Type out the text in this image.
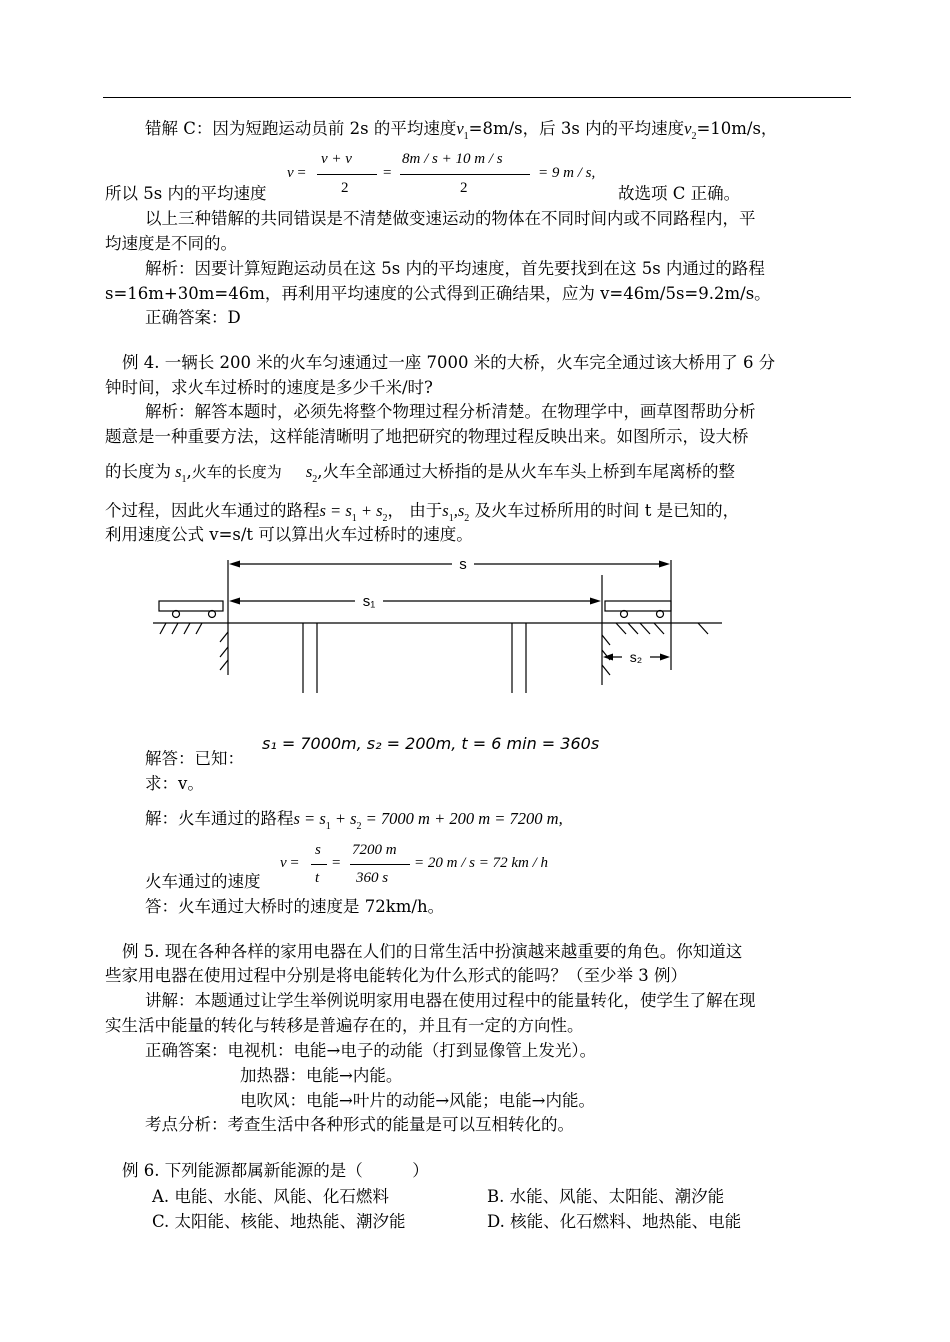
错解 C：因为短跑运动员前 2s 的平均速度$v_1=8m/s$，后 3s 内的平均速度$v_2=10m/s$，
v =
v + v
2
=
8m / s + 10 m / s
2
= 9 m / s,
所以 5s 内的平均速度	故选项 C 正确。
以上三种错解的共同错误是不清楚做变速运动的物体在不同时间内或不同路程内，平
均速度是不同的。
解析：因要计算短跑运动员在这 5s 内的平均速度，首先要找到在这 5s 内通过的路程
s=16m+30m=46m，再利用平均速度的公式得到正确结果，应为 v=46m/5s=9.2m/s。
正确答案：D
例 4. 一辆长 200 米的火车匀速通过一座 7000 米的大桥，火车完全通过该大桥用了 6 分
钟时间，求火车过桥时的速度是多少千米/时?
解析：解答本题时，必须先将整个物理过程分析清楚。在物理学中，画草图帮助分析
题意是一种重要方法，这样能清晰明了地把研究的物理过程反映出来。如图所示，设大桥
的长度为 $s_1$,火车的长度为 $s_2$,火车全部通过大桥指的是从火车车头上桥到车尾离桥的整
个过程，因此火车通过的路程$s = s_1 + s_2$， 由于$s_1,s_2$ 及火车过桥所用的时间 t 是已知的，
利用速度公式 v=s/t 可以算出火车过桥时的速度。
s
s₁
s₂
解答：已知：
s₁ = 7000m, s₂ = 200m, t = 6 min = 360s
求：v。
解：火车通过的路程$s = s_1 + s_2 = 7000$ m + 200 m = 7200 m,
v =
s
t
=
7200 m
360 s
= 20 m / s = 72 km / h
火车通过的速度
答：火车通过大桥时的速度是 72km/h。
例 5. 现在各种各样的家用电器在人们的日常生活中扮演越来越重要的角色。你知道这
些家用电器在使用过程中分别是将电能转化为什么形式的能吗？（至少举 3 例）
讲解：本题通过让学生举例说明家用电器在使用过程中的能量转化，使学生了解在现
实生活中能量的转化与转移是普遍存在的，并且有一定的方向性。
正确答案：电视机：电能→电子的动能（打到显像管上发光）。
加热器：电能→内能。
电吹风：电能→叶片的动能→风能；电能→内能。
考点分析：考查生活中各种形式的能量是可以互相转化的。
例 6. 下列能源都属新能源的是（　　　）
A. 电能、水能、风能、化石燃料	B. 水能、风能、太阳能、潮汐能
C. 太阳能、核能、地热能、潮汐能	D. 核能、化石燃料、地热能、电能
